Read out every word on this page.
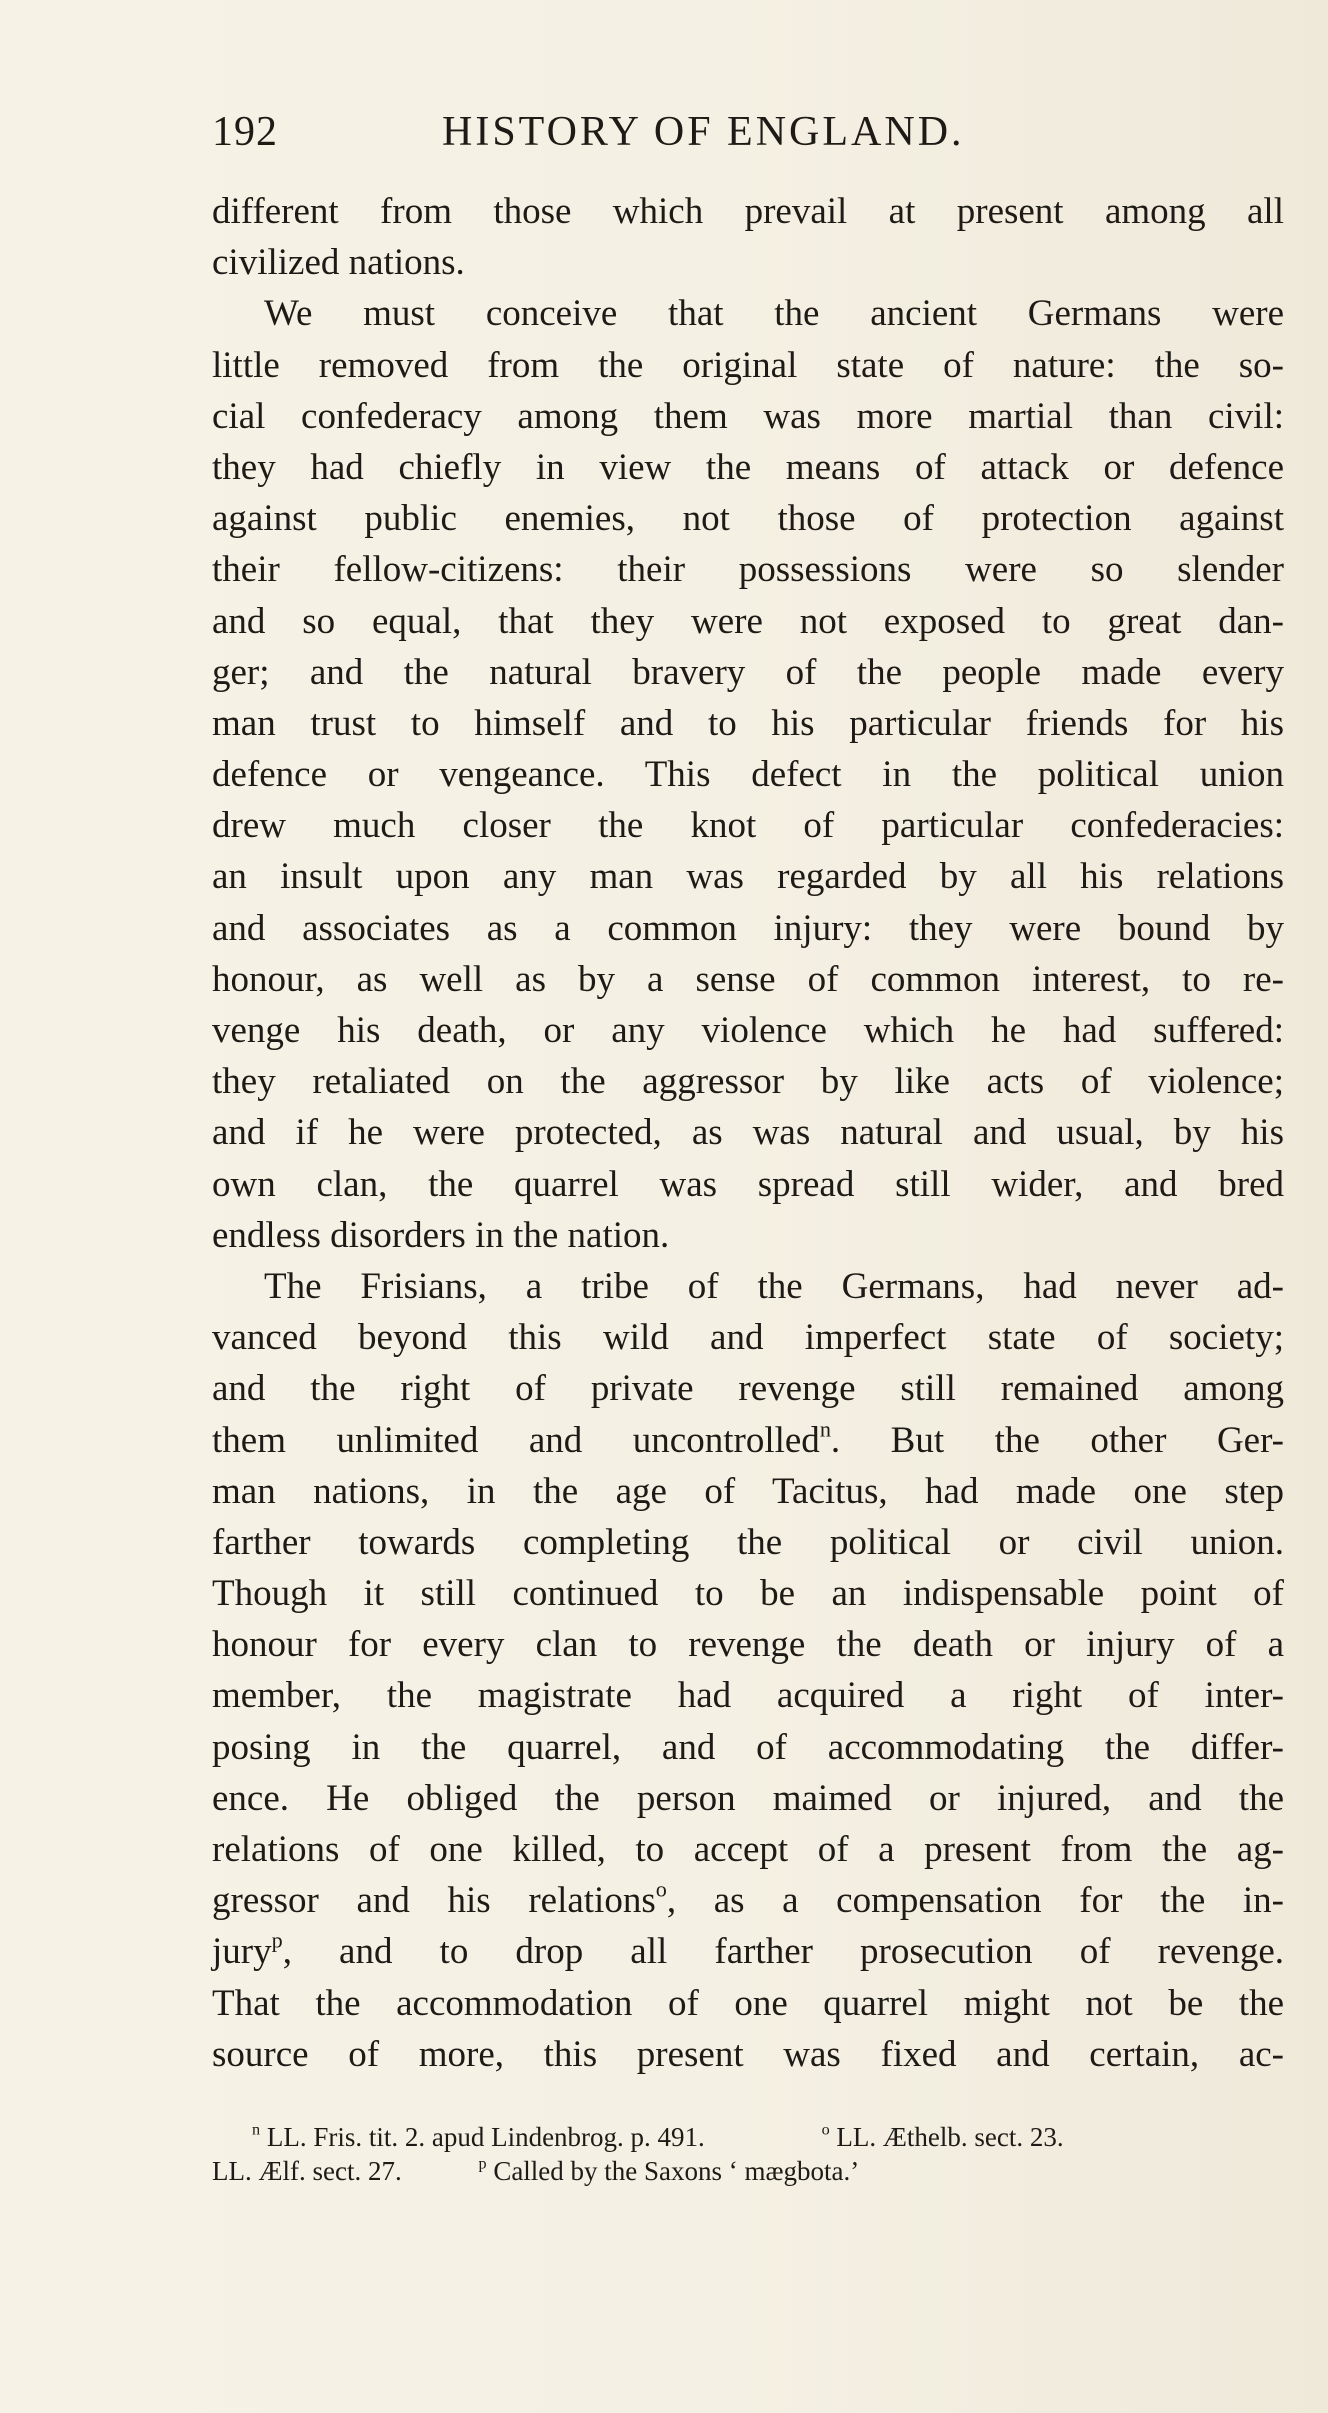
192	HISTORY OF ENGLAND.
different from those which prevail at present among all
civilized nations.
We must conceive that the ancient Germans were
little removed from the original state of nature: the so-
cial confederacy among them was more martial than civil:
they had chiefly in view the means of attack or defence
against public enemies, not those of protection against
their fellow-citizens: their possessions were so slender
and so equal, that they were not exposed to great dan-
ger; and the natural bravery of the people made every
man trust to himself and to his particular friends for his
defence or vengeance. This defect in the political union
drew much closer the knot of particular confederacies:
an insult upon any man was regarded by all his relations
and associates as a common injury: they were bound by
honour, as well as by a sense of common interest, to re-
venge his death, or any violence which he had suffered:
they retaliated on the aggressor by like acts of violence;
and if he were protected, as was natural and usual, by his
own clan, the quarrel was spread still wider, and bred
endless disorders in the nation.
The Frisians, a tribe of the Germans, had never ad-
vanced beyond this wild and imperfect state of society;
and the right of private revenge still remained among
them unlimited and uncontrolled$^n$. But the other Ger-
man nations, in the age of Tacitus, had made one step
farther towards completing the political or civil union.
Though it still continued to be an indispensable point of
honour for every clan to revenge the death or injury of a
member, the magistrate had acquired a right of inter-
posing in the quarrel, and of accommodating the differ-
ence. He obliged the person maimed or injured, and the
relations of one killed, to accept of a present from the ag-
gressor and his relations$^o$, as a compensation for the in-
jury$^p$, and to drop all farther prosecution of revenge.
That the accommodation of one quarrel might not be the
source of more, this present was fixed and certain, ac-
$^n$ LL. Fris. tit. 2. apud Lindenbrog. p. 491.	$^o$ LL. Æthelb. sect. 23.
LL. Ælf. sect. 27.	$^p$ Called by the Saxons ‘ mægbota.’
